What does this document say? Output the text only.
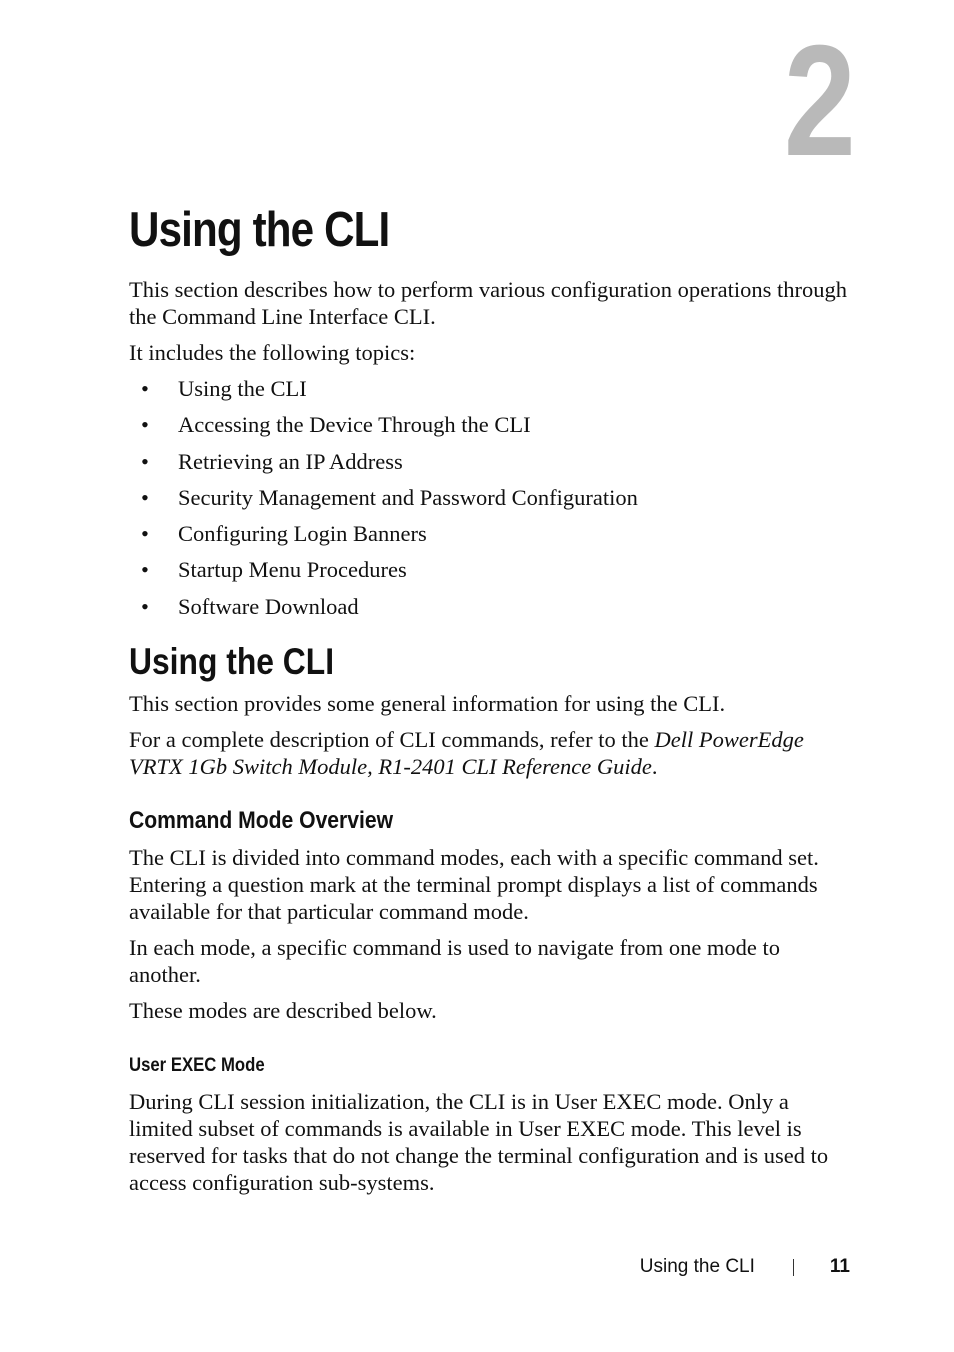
2
Using the CLI

This section describes how to perform various configuration operations through the Command Line Interface CLI.

It includes the following topics:

• Using the CLI
• Accessing the Device Through the CLI
• Retrieving an IP Address
• Security Management and Password Configuration
• Configuring Login Banners
• Startup Menu Procedures
• Software Download
Using the CLI

This section provides some general information for using the CLI.

For a complete description of CLI commands, refer to the Dell PowerEdge VRTX 1Gb Switch Module, R1-2401 CLI Reference Guide.

Command Mode Overview

The CLI is divided into command modes, each with a specific command set. Entering a question mark at the terminal prompt displays a list of commands available for that particular command mode.

In each mode, a specific command is used to navigate from one mode to another.

These modes are described below.

User EXEC Mode

During CLI session initialization, the CLI is in User EXEC mode. Only a limited subset of commands is available in User EXEC mode. This level is reserved for tasks that do not change the terminal configuration and is used to access configuration sub-systems.

Using the CLI	11
